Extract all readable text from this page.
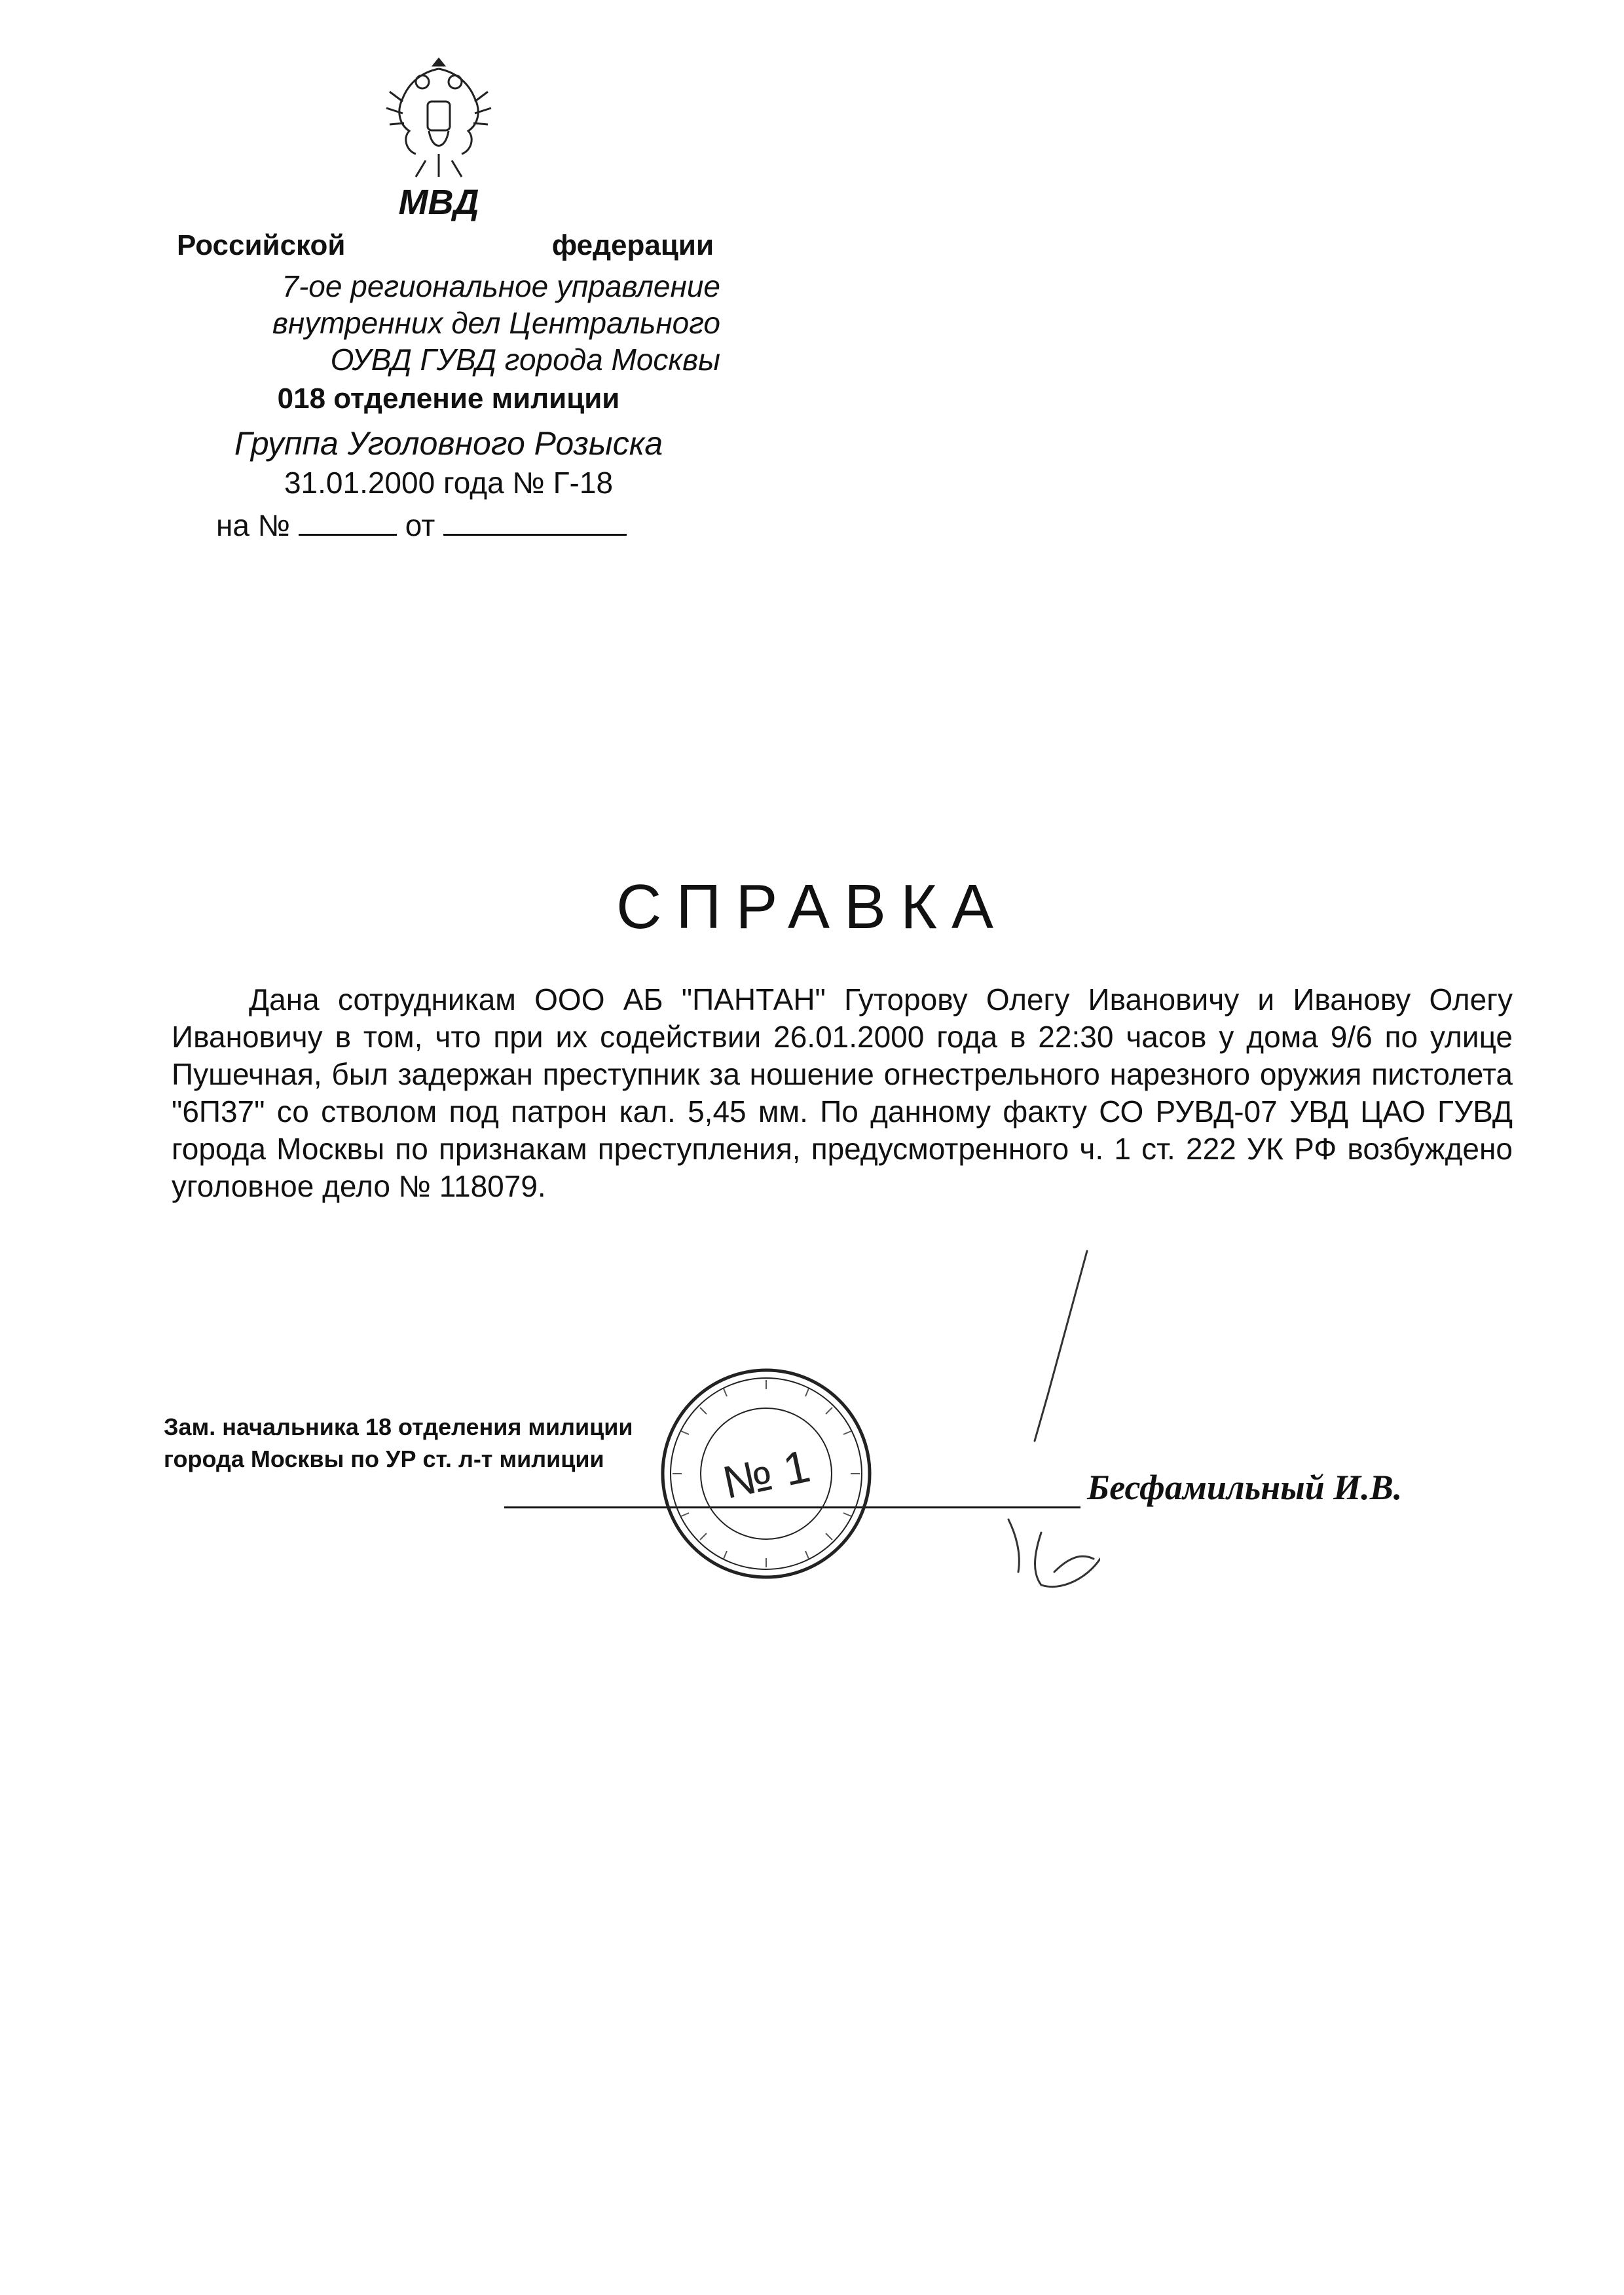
МВД
Российской	федерации
7-ое региональное управление
внутренних дел Центрального
ОУВД ГУВД города Москвы
018 отделение милиции
Группа Уголовного Розыска
31.01.2000 года № Г-18
на №	от
СПРАВКА
Дана сотрудникам ООО АБ "ПАНТАН" Гуторову Олегу Ивановичу и Иванову Олегу Ивановичу в том, что при их содействии 26.01.2000 года в 22:30 часов у дома 9/6 по улице Пушечная, был задержан преступник за ношение огнестрельного нарезного оружия пистолета "6П37" со стволом под патрон кал. 5,45 мм. По данному факту СО РУВД-07 УВД ЦАО ГУВД города Москвы по признакам преступления, предусмотренного ч. 1 ст. 222 УК РФ возбуждено уголовное дело № 118079.
Зам. начальника 18 отделения милиции
города Москвы по УР ст. л-т милиции
Бесфамильный И.В.
№ 1
